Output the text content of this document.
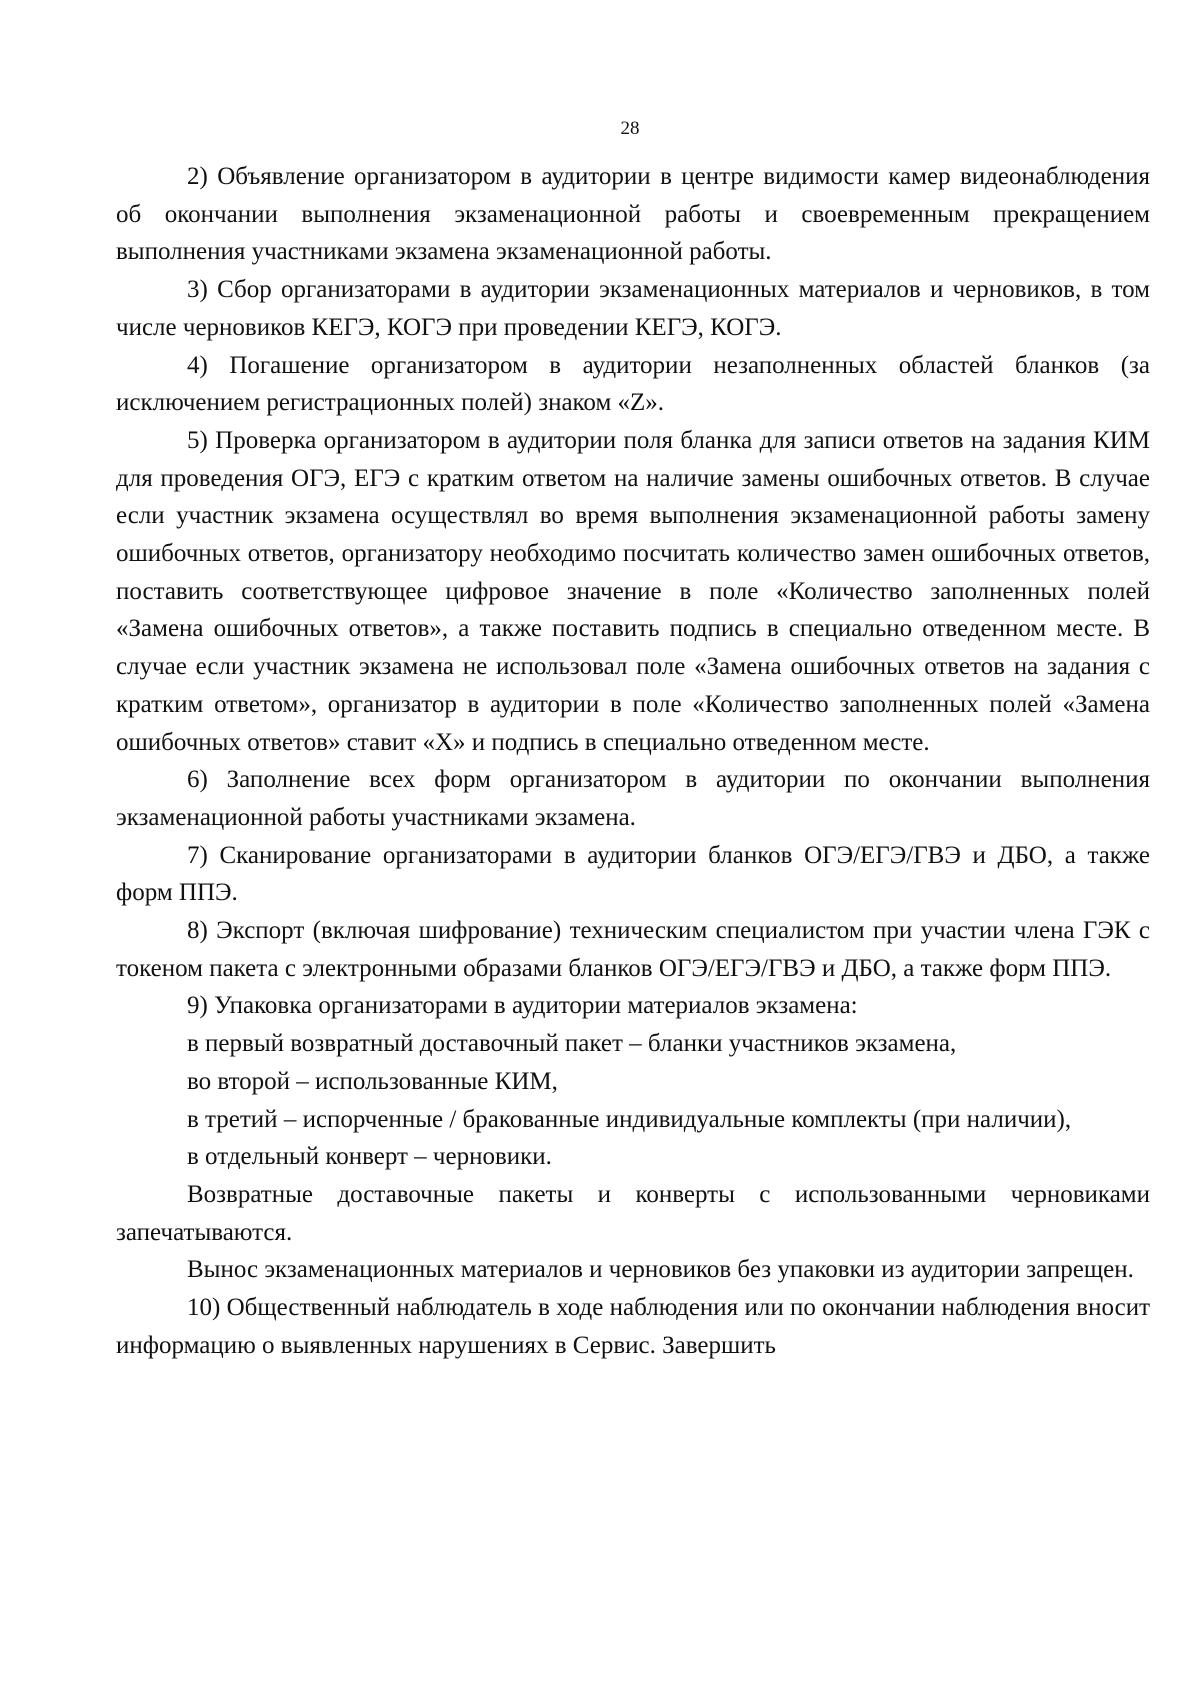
28

2) Объявление организатором в аудитории в центре видимости камер видеонаблюдения об окончании выполнения экзаменационной работы и своевременным прекращением выполнения участниками экзамена экзаменационной работы.

3) Сбор организаторами в аудитории экзаменационных материалов и черновиков, в том числе черновиков КЕГЭ, КОГЭ при проведении КЕГЭ, КОГЭ.

4) Погашение организатором в аудитории незаполненных областей бланков (за исключением регистрационных полей) знаком «Z».

5) Проверка организатором в аудитории поля бланка для записи ответов на задания КИМ для проведения ОГЭ, ЕГЭ с кратким ответом на наличие замены ошибочных ответов. В случае если участник экзамена осуществлял во время выполнения экзаменационной работы замену ошибочных ответов, организатору необходимо посчитать количество замен ошибочных ответов, поставить соответствующее цифровое значение в поле «Количество заполненных полей «Замена ошибочных ответов», а также поставить подпись в специально отведенном месте. В случае если участник экзамена не использовал поле «Замена ошибочных ответов на задания с кратким ответом», организатор в аудитории в поле «Количество заполненных полей «Замена ошибочных ответов» ставит «X» и подпись в специально отведенном месте.

6) Заполнение всех форм организатором в аудитории по окончании выполнения экзаменационной работы участниками экзамена.

7) Сканирование организаторами в аудитории бланков ОГЭ/ЕГЭ/ГВЭ и ДБО, а также форм ППЭ.

8) Экспорт (включая шифрование) техническим специалистом при участии члена ГЭК с токеном пакета с электронными образами бланков ОГЭ/ЕГЭ/ГВЭ и ДБО, а также форм ППЭ.

9) Упаковка организаторами в аудитории материалов экзамена:

в первый возвратный доставочный пакет – бланки участников экзамена,

во второй – использованные КИМ,

в третий – испорченные / бракованные индивидуальные комплекты (при наличии),

в отдельный конверт – черновики.

Возвратные доставочные пакеты и конверты с использованными черновиками запечатываются.

Вынос экзаменационных материалов и черновиков без упаковки из аудитории запрещен.

10) Общественный наблюдатель в ходе наблюдения или по окончании наблюдения вносит информацию о выявленных нарушениях в Сервис. Завершить
